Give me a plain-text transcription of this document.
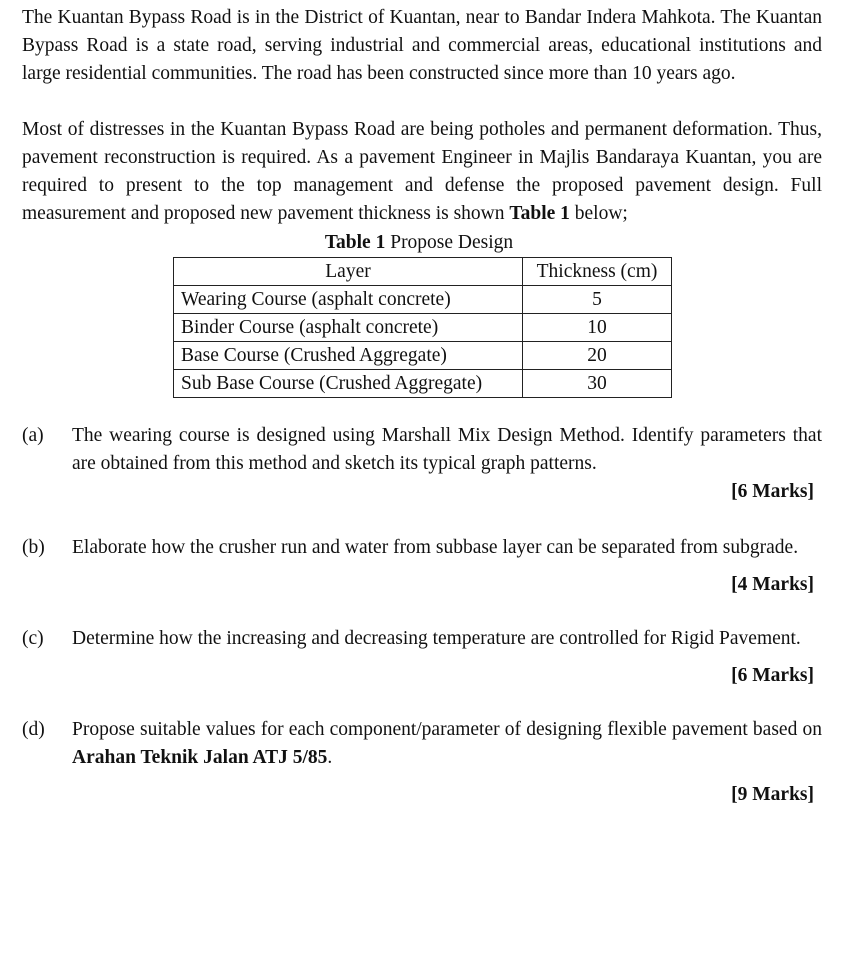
The Kuantan Bypass Road is in the District of Kuantan, near to Bandar Indera Mahkota. The Kuantan Bypass Road is a state road, serving industrial and commercial areas, educational institutions and large residential communities. The road has been constructed since more than 10 years ago.

Most of distresses in the Kuantan Bypass Road are being potholes and permanent deformation. Thus, pavement reconstruction is required. As a pavement Engineer in Majlis Bandaraya Kuantan, you are required to present to the top management and defense the proposed pavement design. Full measurement and proposed new pavement thickness is shown Table 1 below;

Table 1 Propose Design
Layer	Thickness (cm)
Wearing Course (asphalt concrete)	5
Binder Course (asphalt concrete)	10
Base Course (Crushed Aggregate)	20
Sub Base Course (Crushed Aggregate)	30
(a) The wearing course is designed using Marshall Mix Design Method. Identify parameters that are obtained from this method and sketch its typical graph patterns.
[6 Marks]
(b) Elaborate how the crusher run and water from subbase layer can be separated from subgrade.
[4 Marks]
(c) Determine how the increasing and decreasing temperature are controlled for Rigid Pavement.
[6 Marks]
(d) Propose suitable values for each component/parameter of designing flexible pavement based on Arahan Teknik Jalan ATJ 5/85.
[9 Marks]
